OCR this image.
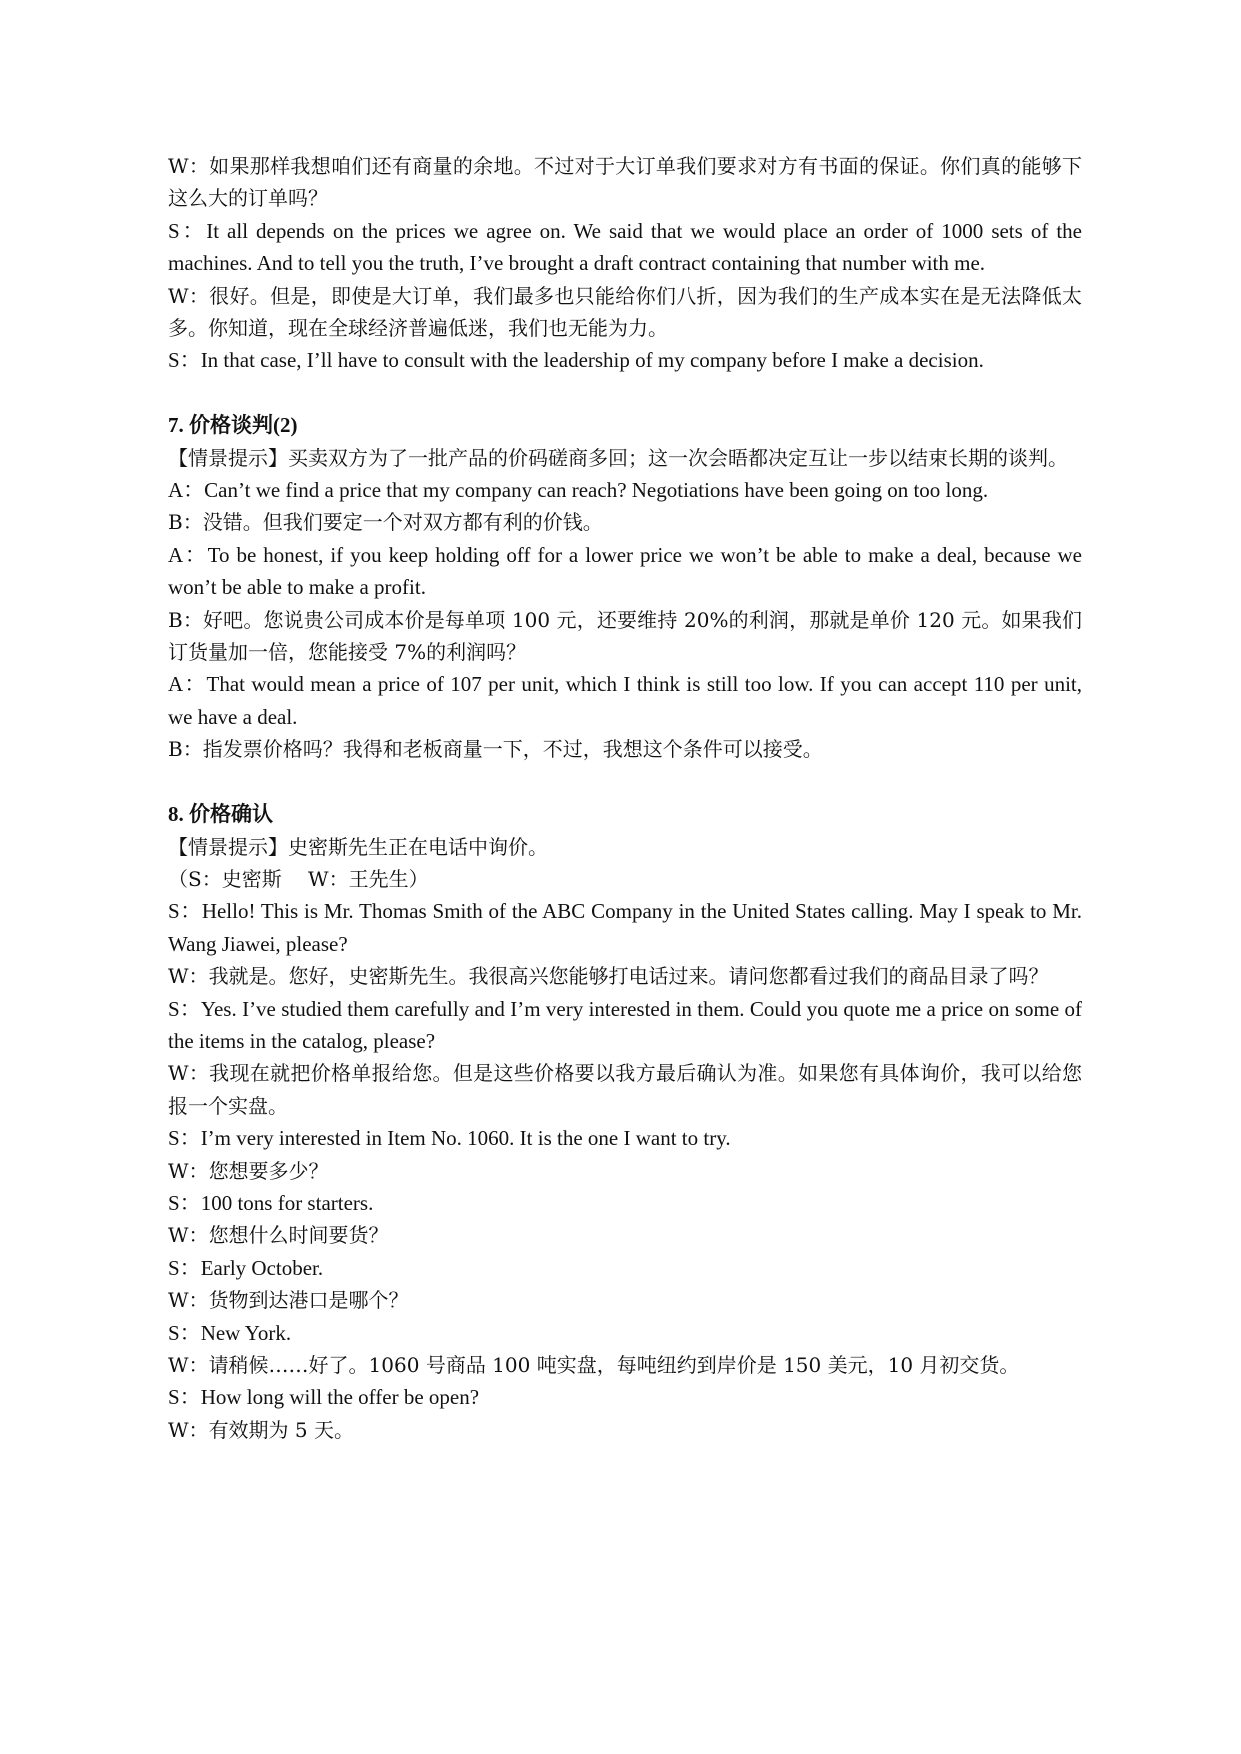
W：如果那样我想咱们还有商量的余地。不过对于大订单我们要求对方有书面的保证。你们真的能够下这么大的订单吗？

S：It all depends on the prices we agree on. We said that we would place an order of 1000 sets of the machines. And to tell you the truth, I’ve brought a draft contract containing that number with me.

W：很好。但是，即使是大订单，我们最多也只能给你们八折，因为我们的生产成本实在是无法降低太多。你知道，现在全球经济普遍低迷，我们也无能为力。

S：In that case, I’ll have to consult with the leadership of my company before I make a decision.

7. 价格谈判(2)

【情景提示】买卖双方为了一批产品的价码磋商多回；这一次会晤都决定互让一步以结束长期的谈判。

A：Can’t we find a price that my company can reach? Negotiations have been going on too long.

B：没错。但我们要定一个对双方都有利的价钱。

A：To be honest, if you keep holding off for a lower price we won’t be able to make a deal, because we won’t be able to make a profit.

B：好吧。您说贵公司成本价是每单项 100 元，还要维持 20%的利润，那就是单价 120 元。如果我们订货量加一倍，您能接受 7%的利润吗？

A：That would mean a price of 107 per unit, which I think is still too low. If you can accept 110 per unit, we have a deal.

B：指发票价格吗？我得和老板商量一下，不过，我想这个条件可以接受。

8. 价格确认

【情景提示】史密斯先生正在电话中询价。

（S：史密斯　 W：王先生）

S：Hello! This is Mr. Thomas Smith of the ABC Company in the United States calling. May I speak to Mr. Wang Jiawei, please?

W：我就是。您好，史密斯先生。我很高兴您能够打电话过来。请问您都看过我们的商品目录了吗？

S：Yes. I’ve studied them carefully and I’m very interested in them. Could you quote me a price on some of the items in the catalog, please?

W：我现在就把价格单报给您。但是这些价格要以我方最后确认为准。如果您有具体询价，我可以给您报一个实盘。

S：I’m very interested in Item No. 1060. It is the one I want to try.

W：您想要多少？

S：100 tons for starters.

W：您想什么时间要货？

S：Early October.

W：货物到达港口是哪个？

S：New York.

W：请稍候……好了。1060 号商品 100 吨实盘，每吨纽约到岸价是 150 美元，10 月初交货。

S：How long will the offer be open?

W：有效期为 5 天。
